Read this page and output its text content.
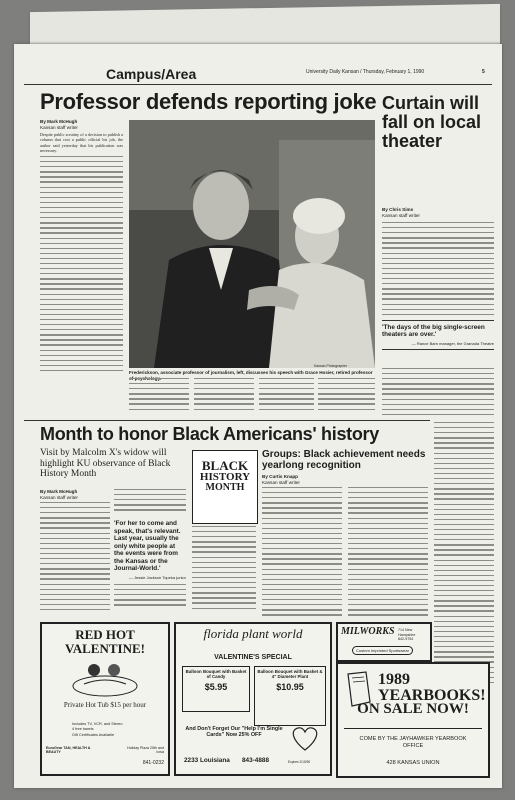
Campus/Area	University Daily Kansan / Thursday, February 1, 1990	5
Professor defends reporting joke
By Mark McHugh
Kansan staff writer
Despite public scrutiny of a decision to publish a column that cost a public official his job, the author said yesterday that his publication was necessary.
Frederickson, associate professor of journalism, left, discusses his speech with Grace Hosier, retired professor
Kansan Photographer
Curtain will fall on local theater
By Chris Sims
Kansan staff writer
'The days of the big single-screen theaters are over.'
— Rance Barn manager, the Granada Theatre
Month to honor Black Americans' history
Visit by Malcolm X's widow will highlight KU observance of Black History Month
By Mark McHugh
Kansan staff writer
'For her to come and speak, that's relevant. Last year, usually the only white people at the events were from the Kansas or the Journal-World.'
— Jessie Jackson Topeka junior
BLACK
HISTORY
MONTH
Groups: Black achievement needs yearlong recognition
By Curtis Knapp
Kansan staff writer
RED HOT VALENTINE!
Private Hot Tub $15 per hour
Includes TV, VCR, and Stereo
4 free towels
Gift Certificates Available
EuroGear TAN, HEALTH & BEAUTY
Holiday Plaza 25th and Iowa
841-0232
florida plant world
VALENTINE'S SPECIAL
Balloon Bouquet with Basket of Candy
$5.95
Balloon Bouquet with Basket & 4" Diameter Plant
$10.95
And Don't Forget Our "Help I'm Single Cards" Now 25% OFF
2233 Louisiana 843-4888	Expires 2/15/90
MILWORKS 714 New Hampshire
842-9754
Custom Imprinted Sportswear
1989 YEARBOOKS!
ON SALE NOW!
COME BY THE JAYHAWKER YEARBOOK OFFICE
428 KANSAS UNION
